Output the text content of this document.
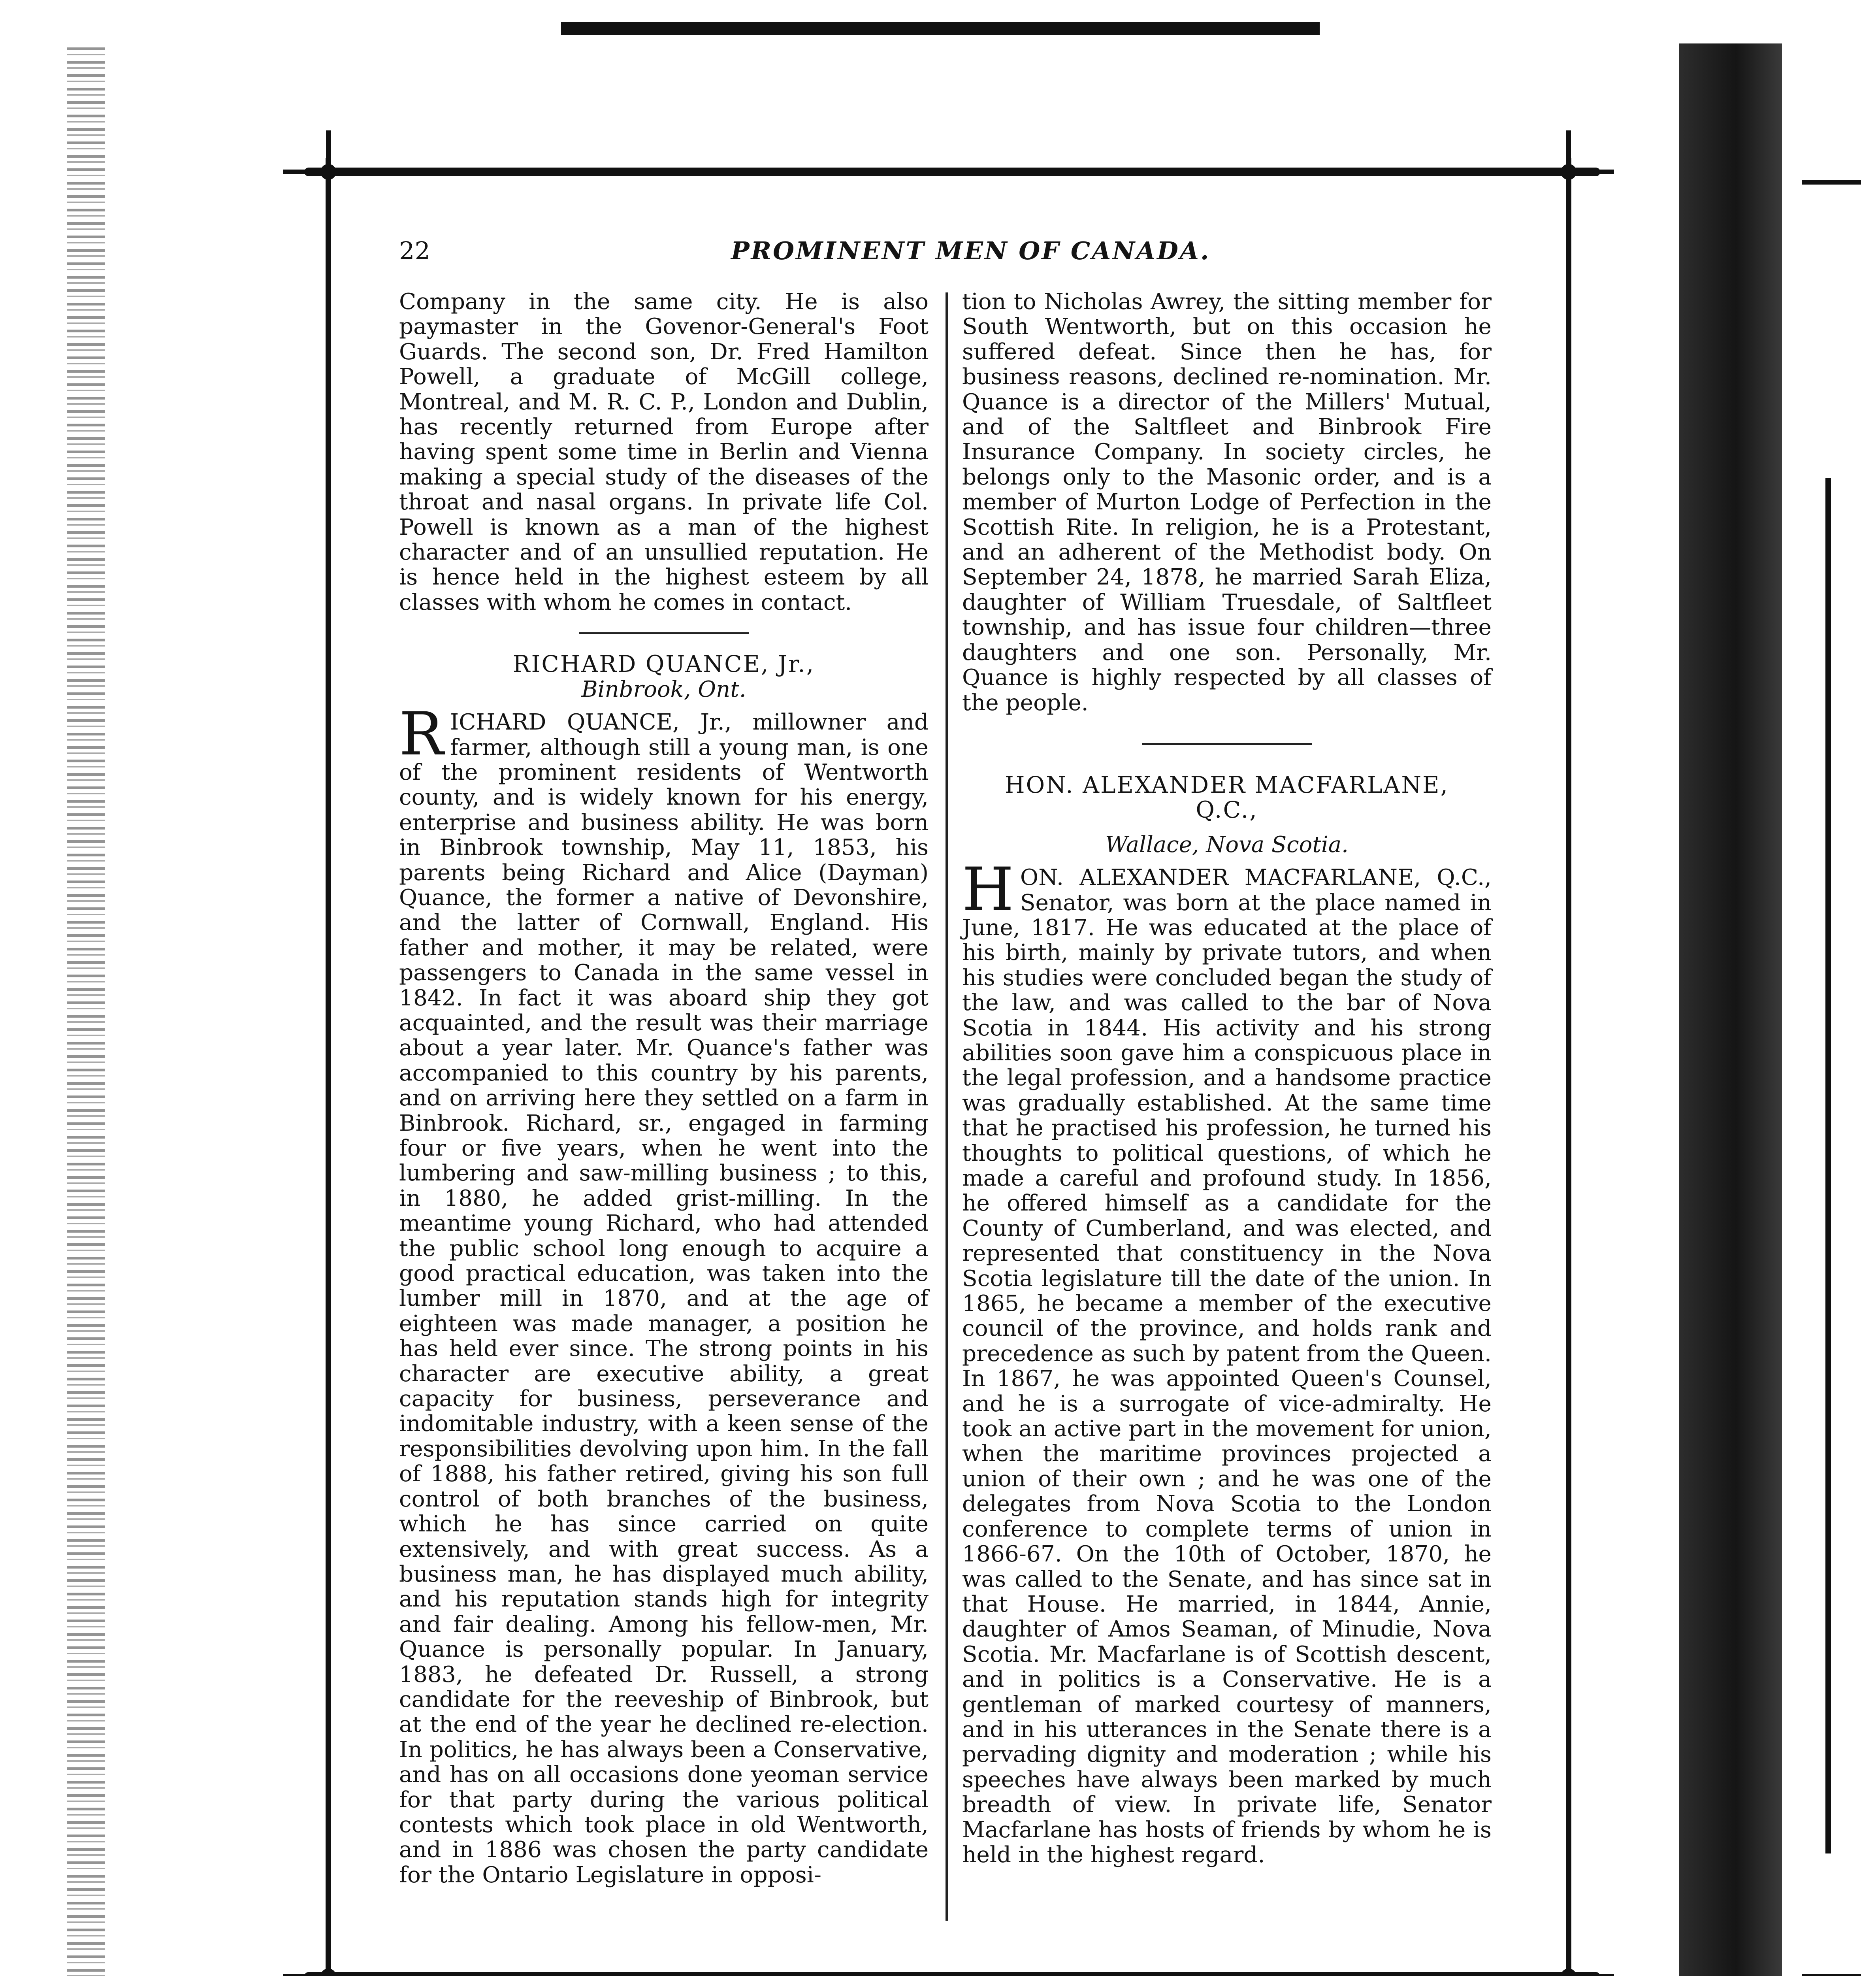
22	PROMINENT MEN OF CANADA.

Company in the same city. He is also paymaster in the Govenor-General's Foot Guards. The second son, Dr. Fred Hamilton Powell, a graduate of McGill college, Montreal, and M. R. C. P., London and Dublin, has recently returned from Europe after having spent some time in Berlin and Vienna making a special study of the diseases of the throat and nasal organs. In private life Col. Powell is known as a man of the highest character and of an unsullied reputation. He is hence held in the highest esteem by all classes with whom he comes in contact.

RICHARD QUANCE, Jr.,

Binbrook, Ont.

RICHARD QUANCE, Jr., millowner and farmer, although still a young man, is one of the prominent residents of Wentworth county, and is widely known for his energy, enterprise and business ability. He was born in Binbrook township, May 11, 1853, his parents being Richard and Alice (Dayman) Quance, the former a native of Devonshire, and the latter of Cornwall, England. His father and mother, it may be related, were passengers to Canada in the same vessel in 1842. In fact it was aboard ship they got acquainted, and the result was their marriage about a year later. Mr. Quance's father was accompanied to this country by his parents, and on arriving here they settled on a farm in Binbrook. Richard, sr., engaged in farming four or five years, when he went into the lumbering and saw-milling business ; to this, in 1880, he added grist-milling. In the meantime young Richard, who had attended the public school long enough to acquire a good practical education, was taken into the lumber mill in 1870, and at the age of eighteen was made manager, a position he has held ever since. The strong points in his character are executive ability, a great capacity for business, perseverance and indomitable industry, with a keen sense of the responsibilities devolving upon him. In the fall of 1888, his father retired, giving his son full control of both branches of the business, which he has since carried on quite extensively, and with great success. As a business man, he has displayed much ability, and his reputation stands high for integrity and fair dealing. Among his fellow-men, Mr. Quance is personally popular. In January, 1883, he defeated Dr. Russell, a strong candidate for the reeveship of Binbrook, but at the end of the year he declined re-election. In politics, he has always been a Conservative, and has on all occasions done yeoman service for that party during the various political contests which took place in old Wentworth, and in 1886 was chosen the party candidate for the Ontario Legislature in opposi-

tion to Nicholas Awrey, the sitting member for South Wentworth, but on this occasion he suffered defeat. Since then he has, for business reasons, declined re-nomination. Mr. Quance is a director of the Millers' Mutual, and of the Saltfleet and Binbrook Fire Insurance Company. In society circles, he belongs only to the Masonic order, and is a member of Murton Lodge of Perfection in the Scottish Rite. In religion, he is a Protestant, and an adherent of the Methodist body. On September 24, 1878, he married Sarah Eliza, daughter of William Truesdale, of Saltfleet township, and has issue four children—three daughters and one son. Personally, Mr. Quance is highly respected by all classes of the people.

HON. ALEXANDER MACFARLANE,

Q.C.,

Wallace, Nova Scotia.

HON. ALEXANDER MACFARLANE, Q.C., Senator, was born at the place named in June, 1817. He was educated at the place of his birth, mainly by private tutors, and when his studies were concluded began the study of the law, and was called to the bar of Nova Scotia in 1844. His activity and his strong abilities soon gave him a conspicuous place in the legal profession, and a handsome practice was gradually established. At the same time that he practised his profession, he turned his thoughts to political questions, of which he made a careful and profound study. In 1856, he offered himself as a candidate for the County of Cumberland, and was elected, and represented that constituency in the Nova Scotia legislature till the date of the union. In 1865, he became a member of the executive council of the province, and holds rank and precedence as such by patent from the Queen. In 1867, he was appointed Queen's Counsel, and he is a surrogate of vice-admiralty. He took an active part in the movement for union, when the maritime provinces projected a union of their own ; and he was one of the delegates from Nova Scotia to the London conference to complete terms of union in 1866-67. On the 10th of October, 1870, he was called to the Senate, and has since sat in that House. He married, in 1844, Annie, daughter of Amos Seaman, of Minudie, Nova Scotia. Mr. Macfarlane is of Scottish descent, and in politics is a Conservative. He is a gentleman of marked courtesy of manners, and in his utterances in the Senate there is a pervading dignity and moderation ; while his speeches have always been marked by much breadth of view. In private life, Senator Macfarlane has hosts of friends by whom he is held in the highest regard.
